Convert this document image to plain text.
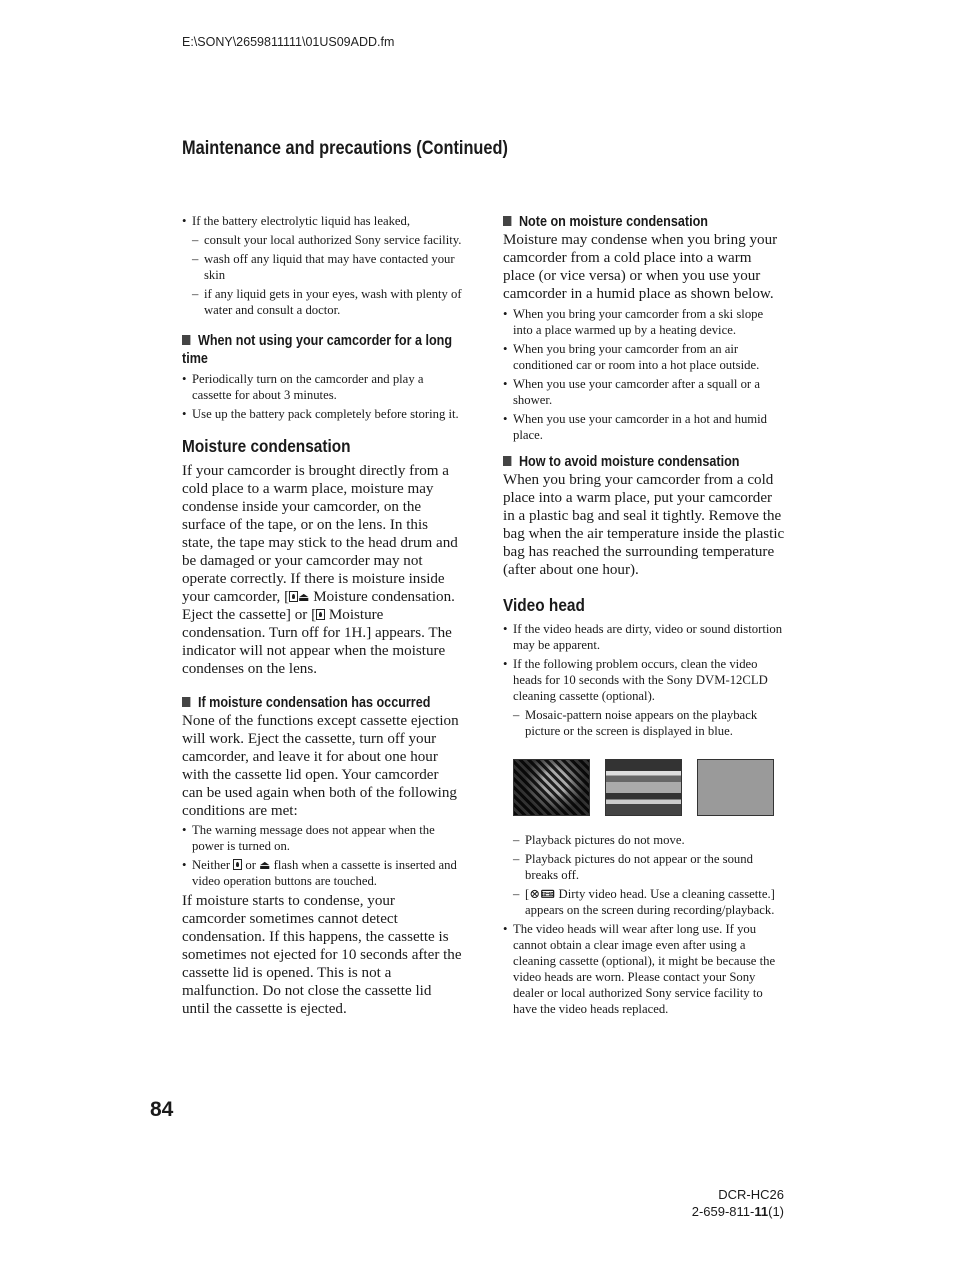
E:\SONY\2659811111\01US09ADD.fm
Maintenance and precautions (Continued)

• If the battery electrolytic liquid has leaked,

– consult your local authorized Sony service facility.

– wash off any liquid that may have contacted your skin

– if any liquid gets in your eyes, wash with plenty of water and consult a doctor.

When not using your camcorder for a long time

• Periodically turn on the camcorder and play a cassette for about 3 minutes.

• Use up the battery pack completely before storing it.

Moisture condensation

If your camcorder is brought directly from a cold place to a warm place, moisture may condense inside your camcorder, on the surface of the tape, or on the lens. In this state, the tape may stick to the head drum and be damaged or your camcorder may not operate correctly. If there is moisture inside your camcorder, [ ⏏ Moisture condensation. Eject the cassette] or [ Moisture condensation. Turn off for 1H.] appears. The indicator will not appear when the moisture condenses on the lens.

If moisture condensation has occurred

None of the functions except cassette ejection will work. Eject the cassette, turn off your camcorder, and leave it for about one hour with the cassette lid open. Your camcorder can be used again when both of the following conditions are met:

• The warning message does not appear when the power is turned on.

• Neither  or ⏏ flash when a cassette is inserted and video operation buttons are touched.

If moisture starts to condense, your camcorder sometimes cannot detect condensation. If this happens, the cassette is sometimes not ejected for 10 seconds after the cassette lid is opened. This is not a malfunction. Do not close the cassette lid until the cassette is ejected.

Note on moisture condensation

Moisture may condense when you bring your camcorder from a cold place into a warm place (or vice versa) or when you use your camcorder in a humid place as shown below.

• When you bring your camcorder from a ski slope into a place warmed up by a heating device.

• When you bring your camcorder from an air conditioned car or room into a hot place outside.

• When you use your camcorder after a squall or a shower.

• When you use your camcorder in a hot and humid place.

How to avoid moisture condensation

When you bring your camcorder from a cold place into a warm place, put your camcorder in a plastic bag and seal it tightly. Remove the bag when the air temperature inside the plastic bag has reached the surrounding temperature (after about one hour).

Video head

• If the video heads are dirty, video or sound distortion may be apparent.

• If the following problem occurs, clean the video heads for 10 seconds with the Sony DVM-12CLD cleaning cassette (optional).

– Mosaic-pattern noise appears on the playback picture or the screen is displayed in blue.

– Playback pictures do not move.

– Playback pictures do not appear or the sound breaks off.

– [⊗📼︎ Dirty video head. Use a cleaning cassette.] appears on the screen during recording/playback.

• The video heads will wear after long use. If you cannot obtain a clear image even after using a cleaning cassette (optional), it might be because the video heads are worn. Please contact your Sony dealer or local authorized Sony service facility to have the video heads replaced.

84
DCR-HC26
2-659-811-11(1)
